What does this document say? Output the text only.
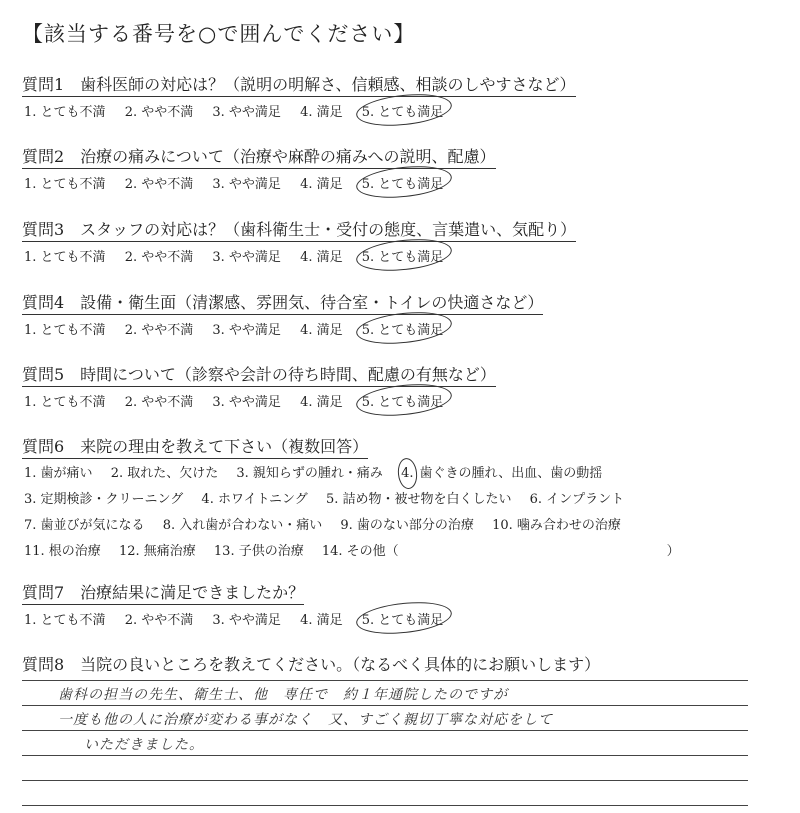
【該当する番号を○で囲んでください】
質問1　歯科医師の対応は？（説明の明解さ、信頼感、相談のしやすさなど）
1. とても不満 2. やや不満 3. やや満足 4. 満足 5. とても満足
質問2　治療の痛みについて（治療や麻酔の痛みへの説明、配慮）
1. とても不満 2. やや不満 3. やや満足 4. 満足 5. とても満足
質問3　スタッフの対応は？（歯科衛生士・受付の態度、言葉遣い、気配り）
1. とても不満 2. やや不満 3. やや満足 4. 満足 5. とても満足
質問4　設備・衛生面（清潔感、雰囲気、待合室・トイレの快適さなど）
1. とても不満 2. やや不満 3. やや満足 4. 満足 5. とても満足
質問5　時間について（診察や会計の待ち時間、配慮の有無など）
1. とても不満 2. やや不満 3. やや満足 4. 満足 5. とても満足
質問6　来院の理由を教えて下さい（複数回答）
1. 歯が痛い 2. 取れた、欠けた 3. 親知らずの腫れ・痛み 4. 歯ぐきの腫れ、出血、歯の動揺
3. 定期検診・クリーニング 4. ホワイトニング 5. 詰め物・被せ物を白くしたい 6. インプラント
7. 歯並びが気になる 8. 入れ歯が合わない・痛い 9. 歯のない部分の治療 10. 噛み合わせの治療
11. 根の治療 12. 無痛治療 13. 子供の治療 14. その他（	）
質問7　治療結果に満足できましたか？
1. とても不満 2. やや不満 3. やや満足 4. 満足 5. とても満足
質問8　当院の良いところを教えてください。（なるべく具体的にお願いします）
歯科の担当の先生、衛生士、他　専任で　約１年通院したのですが
一度も他の人に治療が変わる事がなく　又、すごく親切丁寧な対応をして
いただきました。
